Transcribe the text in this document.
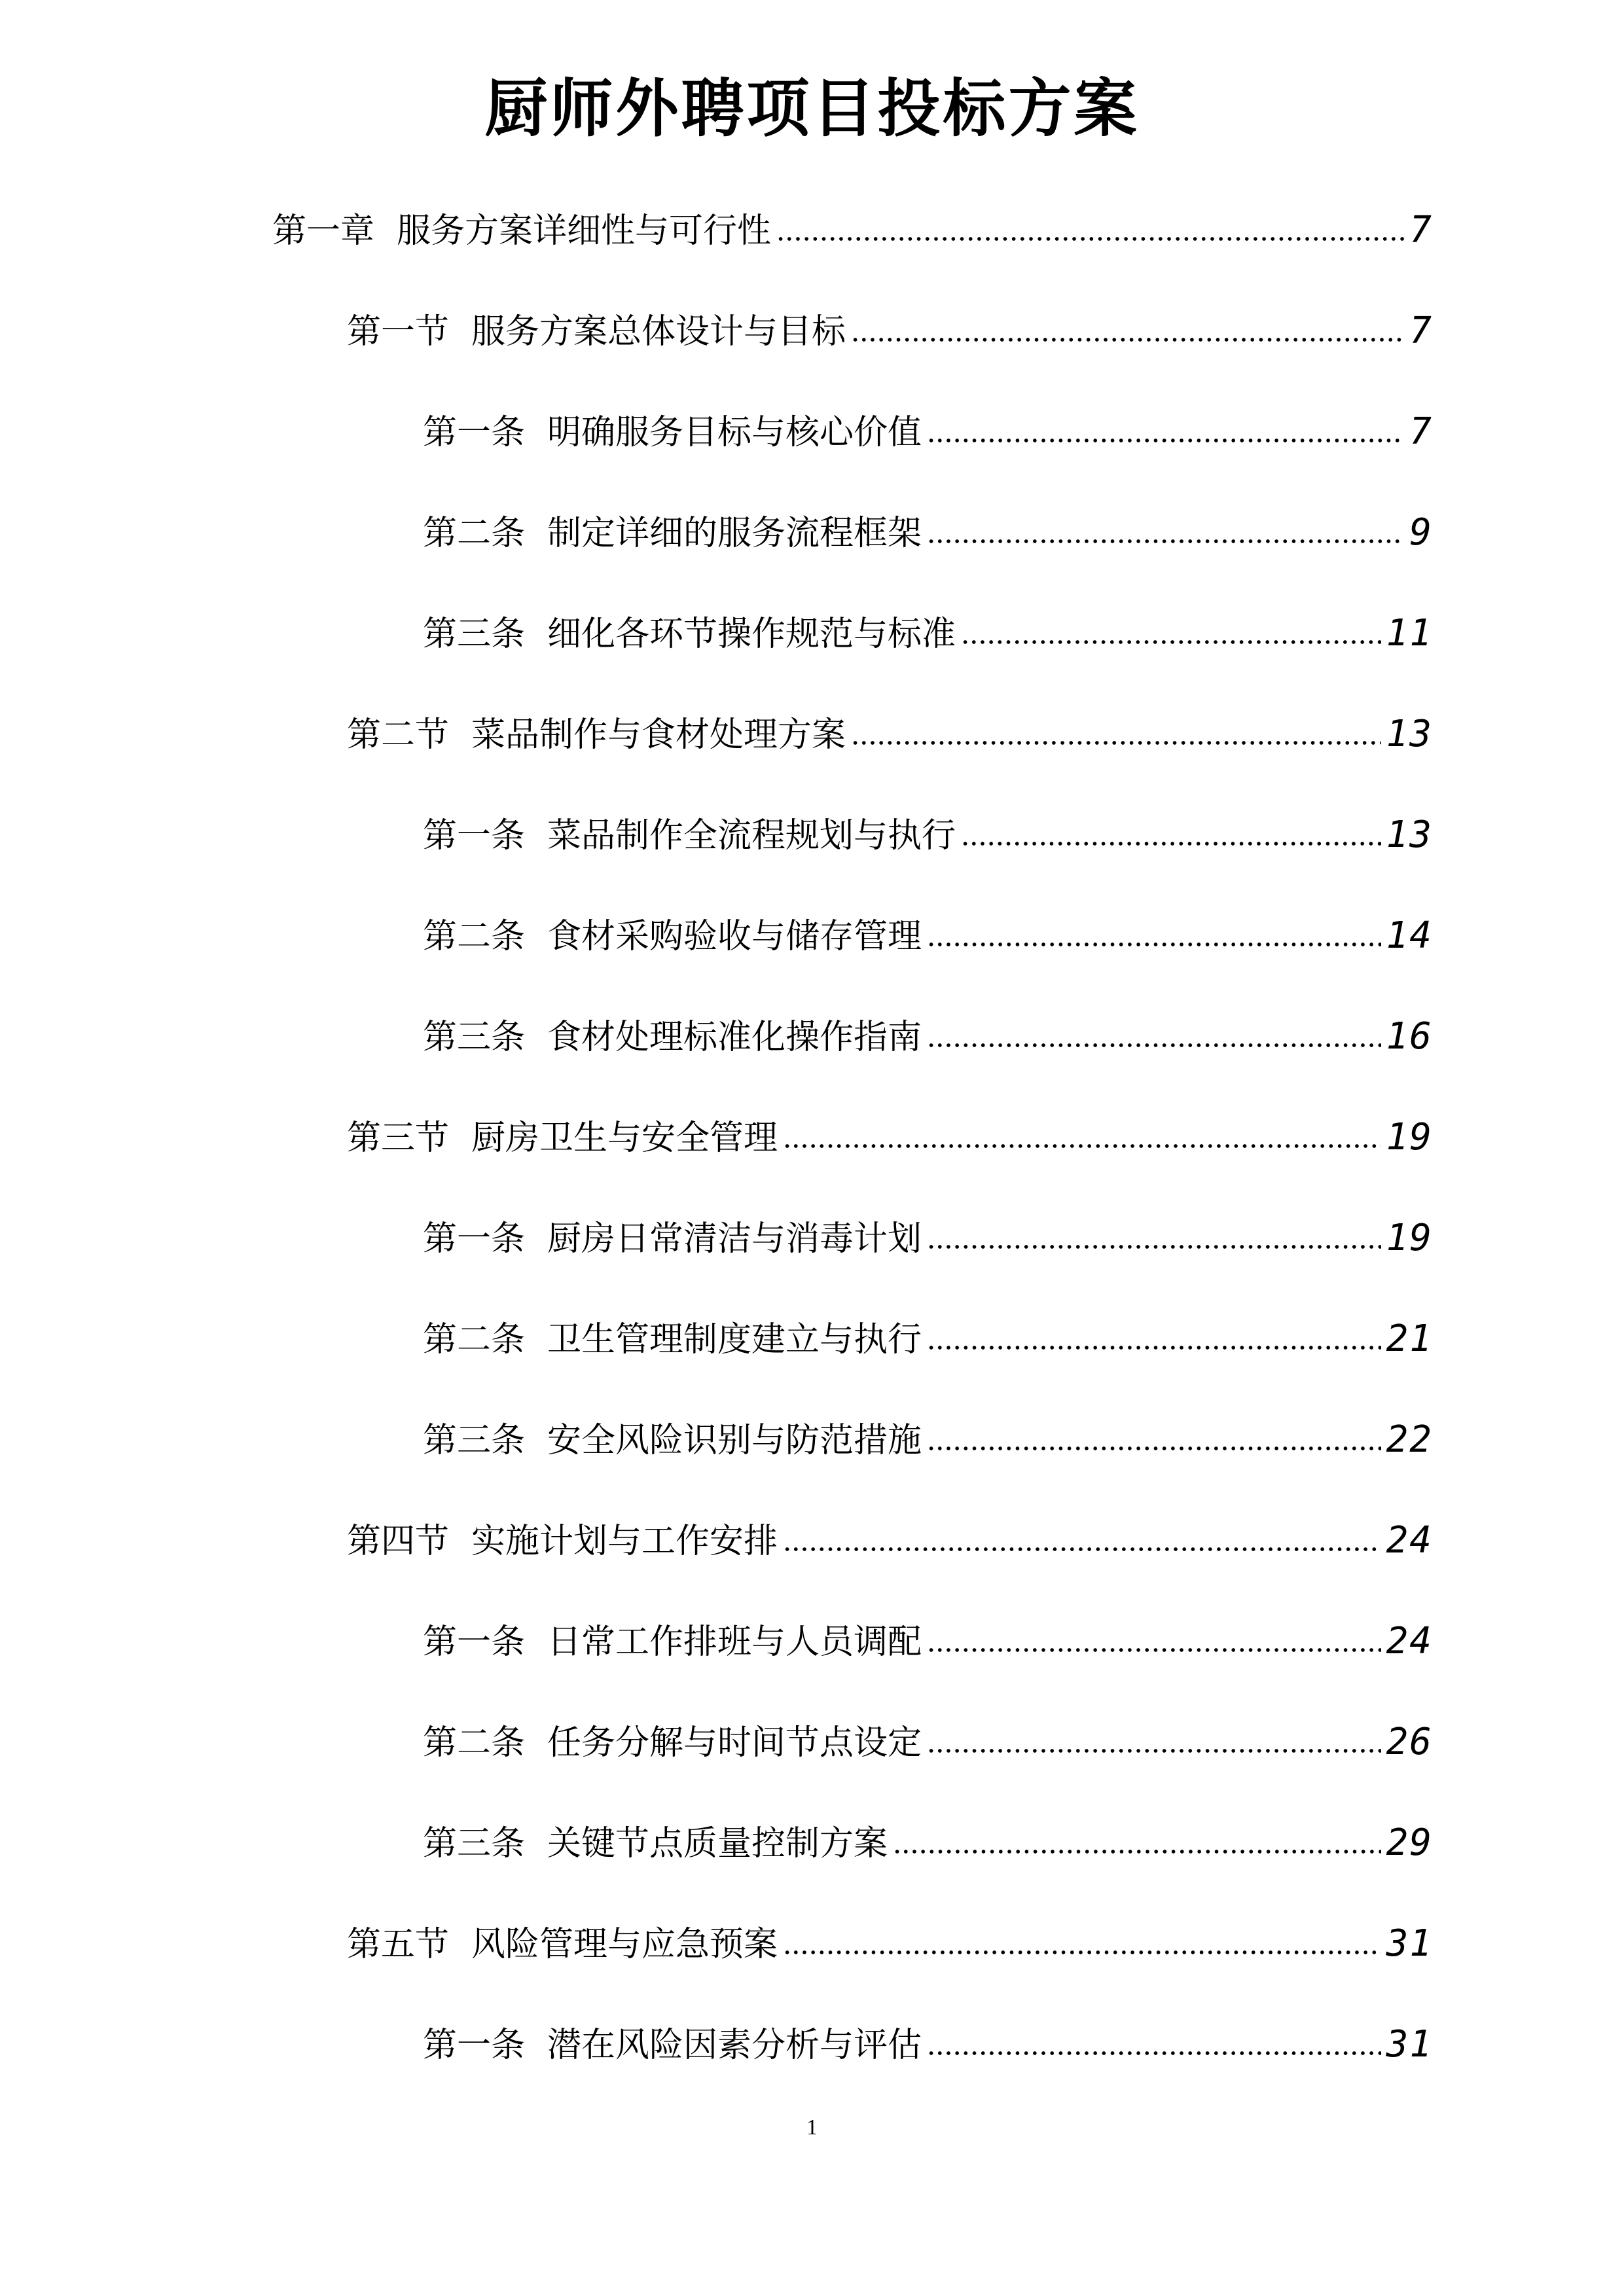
厨师外聘项目投标方案
第一章 服务方案详细性与可行性	7
第一节 服务方案总体设计与目标	7
第一条 明确服务目标与核心价值	7
第二条 制定详细的服务流程框架	9
第三条 细化各环节操作规范与标准	11
第二节 菜品制作与食材处理方案	13
第一条 菜品制作全流程规划与执行	13
第二条 食材采购验收与储存管理	14
第三条 食材处理标准化操作指南	16
第三节 厨房卫生与安全管理	19
第一条 厨房日常清洁与消毒计划	19
第二条 卫生管理制度建立与执行	21
第三条 安全风险识别与防范措施	22
第四节 实施计划与工作安排	24
第一条 日常工作排班与人员调配	24
第二条 任务分解与时间节点设定	26
第三条 关键节点质量控制方案	29
第五节 风险管理与应急预案	31
第一条 潜在风险因素分析与评估	31
1
